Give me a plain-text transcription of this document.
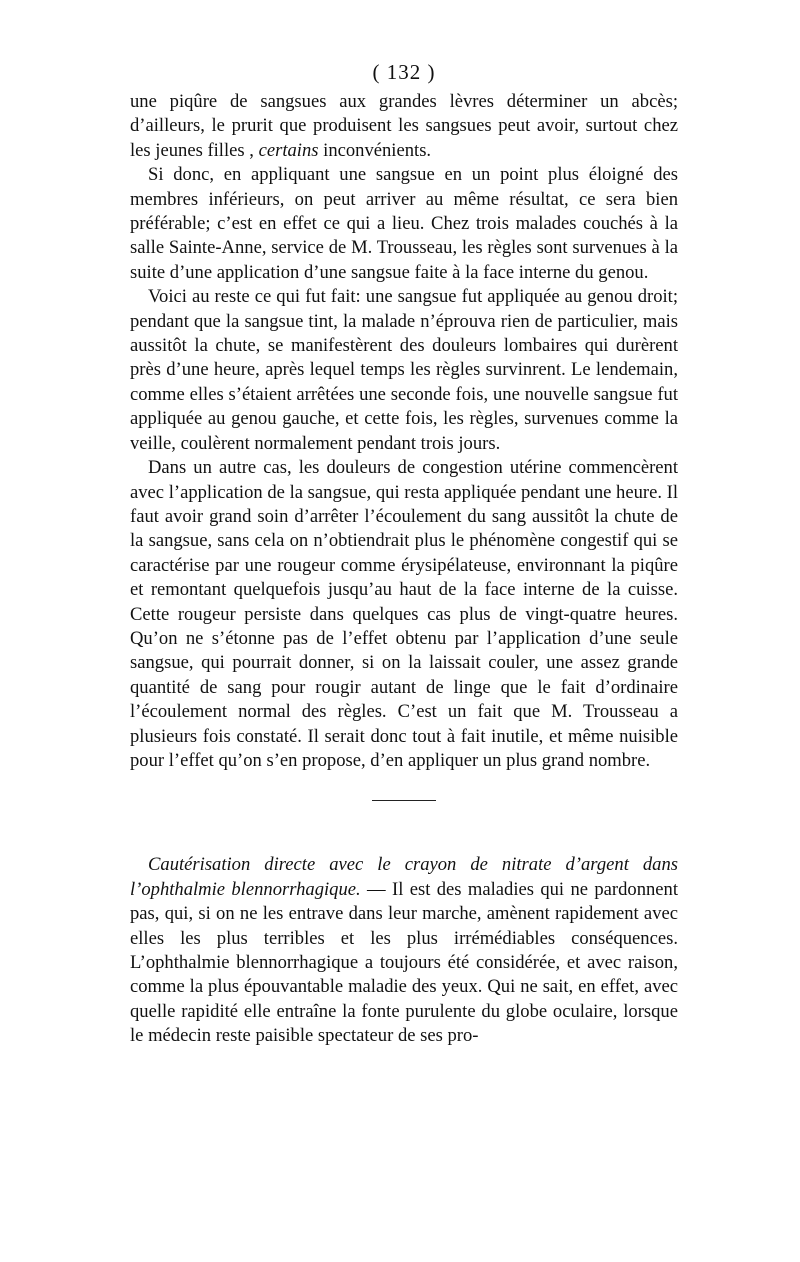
( 132 )

une piqûre de sangsues aux grandes lèvres déterminer un abcès; d’ailleurs, le prurit que produisent les sangsues peut avoir, surtout chez les jeunes filles , certains inconvénients.

Si donc, en appliquant une sangsue en un point plus éloigné des membres inférieurs, on peut arriver au même résultat, ce sera bien préférable; c’est en effet ce qui a lieu. Chez trois malades couchés à la salle Sainte-Anne, service de M. Trousseau, les règles sont survenues à la suite d’une application d’une sangsue faite à la face interne du genou.

Voici au reste ce qui fut fait: une sangsue fut appliquée au genou droit; pendant que la sangsue tint, la malade n’éprouva rien de particulier, mais aussitôt la chute, se manifestèrent des douleurs lombaires qui durèrent près d’une heure, après lequel temps les règles survinrent. Le lendemain, comme elles s’étaient arrêtées une seconde fois, une nouvelle sangsue fut appliquée au genou gauche, et cette fois, les règles, survenues comme la veille, coulèrent normalement pendant trois jours.

Dans un autre cas, les douleurs de congestion utérine commencèrent avec l’application de la sangsue, qui resta appliquée pendant une heure. Il faut avoir grand soin d’arrêter l’écoulement du sang aussitôt la chute de la sangsue, sans cela on n’obtiendrait plus le phénomène congestif qui se caractérise par une rougeur comme érysipélateuse, environnant la piqûre et remontant quelquefois jusqu’au haut de la face interne de la cuisse. Cette rougeur persiste dans quelques cas plus de vingt-quatre heures. Qu’on ne s’étonne pas de l’effet obtenu par l’application d’une seule sangsue, qui pourrait donner, si on la laissait couler, une assez grande quantité de sang pour rougir autant de linge que le fait d’ordinaire l’écoulement normal des règles. C’est un fait que M. Trousseau a plusieurs fois constaté. Il serait donc tout à fait inutile, et même nuisible pour l’effet qu’on s’en propose, d’en appliquer un plus grand nombre.

Cautérisation directe avec le crayon de nitrate d’argent dans l’ophthalmie blennorrhagique. — Il est des maladies qui ne pardonnent pas, qui, si on ne les entrave dans leur marche, amènent rapidement avec elles les plus terribles et les plus irrémédiables conséquences. L’ophthalmie blennorrhagique a toujours été considérée, et avec raison, comme la plus épouvantable maladie des yeux. Qui ne sait, en effet, avec quelle rapidité elle entraîne la fonte purulente du globe oculaire, lorsque le médecin reste paisible spectateur de ses pro-
